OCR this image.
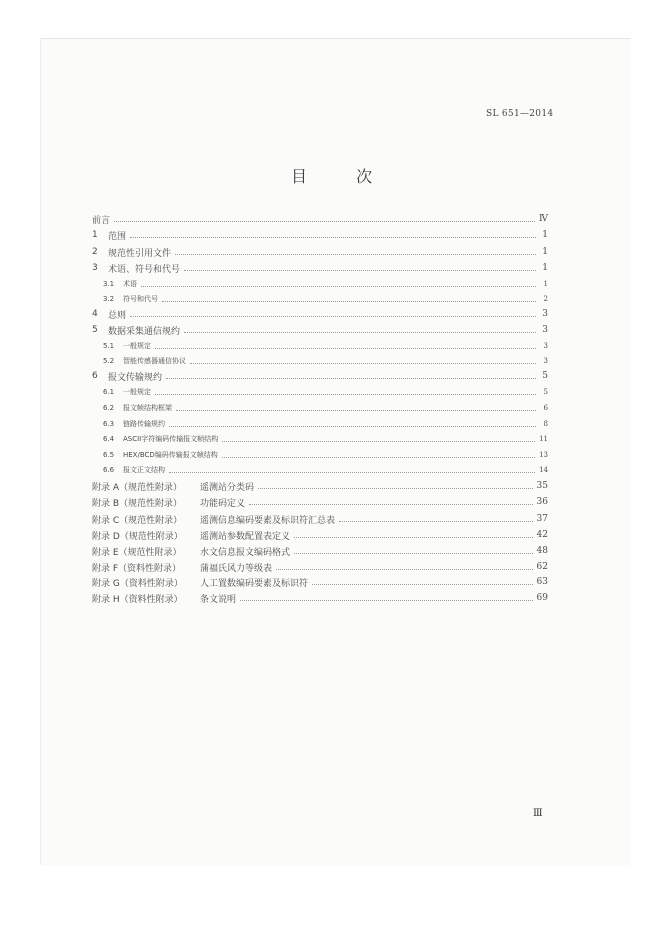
SL 651—2014
目 次
前言	Ⅳ
1	范围	1
2	规范性引用文件	1
3	术语、符号和代号	1
3.1	术语	1
3.2	符号和代号	2
4	总则	3
5	数据采集通信规约	3
5.1	一般规定	3
5.2	智能传感器通信协议	3
6	报文传输规约	5
6.1	一般规定	5
6.2	报文帧结构框架	6
6.3	链路传输规约	8
6.4	ASCII字符编码传输报文帧结构	11
6.5	HEX/BCD编码传输报文帧结构	13
6.6	报文正文结构	14
附录 A（规范性附录）	遥测站分类码	35
附录 B（规范性附录）	功能码定义	36
附录 C（规范性附录）	遥测信息编码要素及标识符汇总表	37
附录 D（规范性附录）	遥测站参数配置表定义	42
附录 E（规范性附录）	水文信息报文编码格式	48
附录 F（资料性附录）	蒲福氏风力等级表	62
附录 G（资料性附录）	人工置数编码要素及标识符	63
附录 H（资料性附录）	条文说明	69
Ⅲ
